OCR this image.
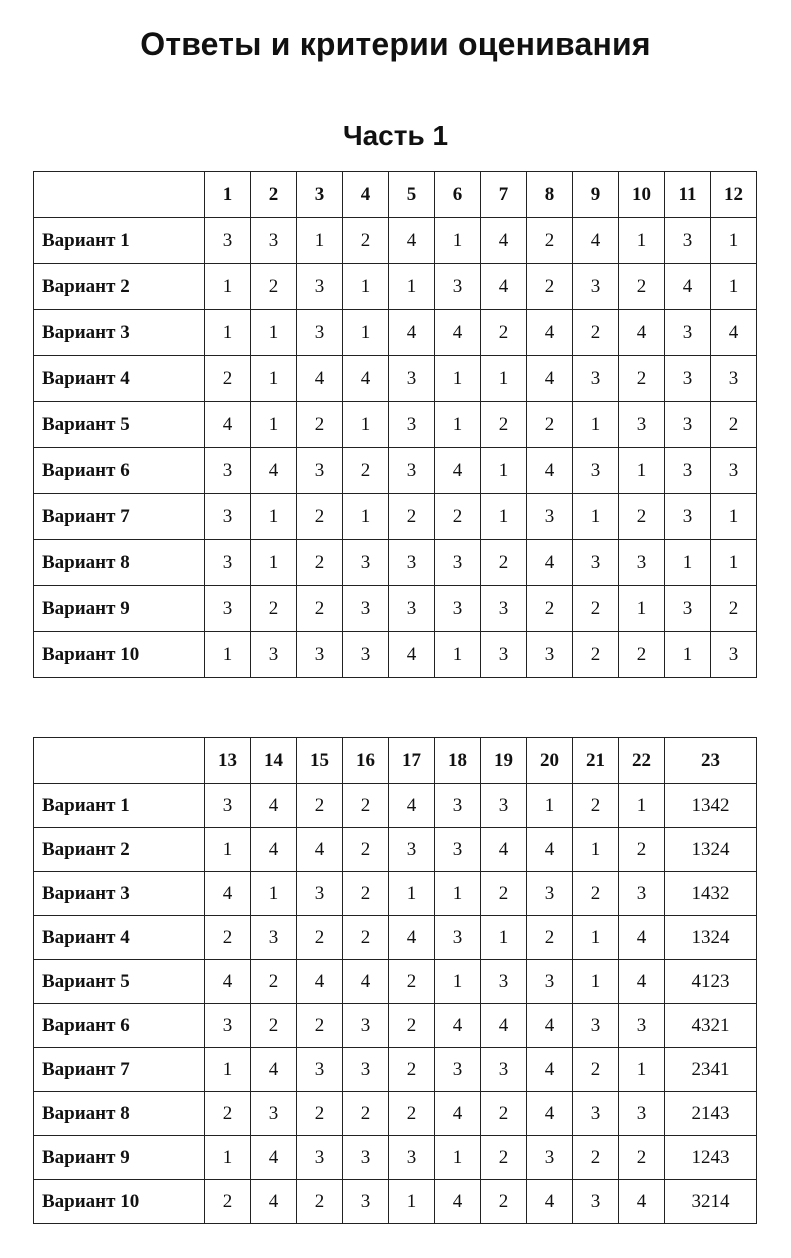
Ответы и критерии оценивания
Часть 1
	1	2	3	4	5	6	7	8	9	10	11	12
Вариант 1	3	3	1	2	4	1	4	2	4	1	3	1
Вариант 2	1	2	3	1	1	3	4	2	3	2	4	1
Вариант 3	1	1	3	1	4	4	2	4	2	4	3	4
Вариант 4	2	1	4	4	3	1	1	4	3	2	3	3
Вариант 5	4	1	2	1	3	1	2	2	1	3	3	2
Вариант 6	3	4	3	2	3	4	1	4	3	1	3	3
Вариант 7	3	1	2	1	2	2	1	3	1	2	3	1
Вариант 8	3	1	2	3	3	3	2	4	3	3	1	1
Вариант 9	3	2	2	3	3	3	3	2	2	1	3	2
Вариант 10	1	3	3	3	4	1	3	3	2	2	1	3
	13	14	15	16	17	18	19	20	21	22	23
Вариант 1	3	4	2	2	4	3	3	1	2	1	1342
Вариант 2	1	4	4	2	3	3	4	4	1	2	1324
Вариант 3	4	1	3	2	1	1	2	3	2	3	1432
Вариант 4	2	3	2	2	4	3	1	2	1	4	1324
Вариант 5	4	2	4	4	2	1	3	3	1	4	4123
Вариант 6	3	2	2	3	2	4	4	4	3	3	4321
Вариант 7	1	4	3	3	2	3	3	4	2	1	2341
Вариант 8	2	3	2	2	2	4	2	4	3	3	2143
Вариант 9	1	4	3	3	3	1	2	3	2	2	1243
Вариант 10	2	4	2	3	1	4	2	4	3	4	3214
